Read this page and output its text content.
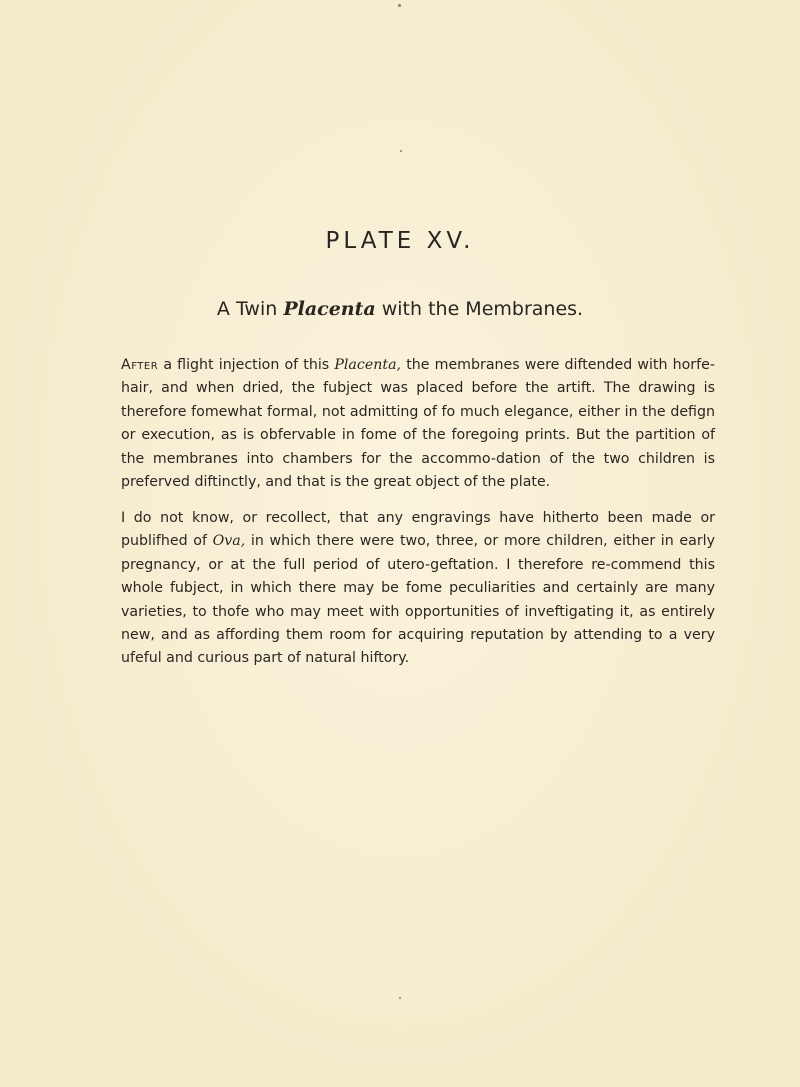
PLATE XV.
A Twin Placenta with the Membranes.

After a flight injection of this Placenta, the membranes were diftended with horfe-hair, and when dried, the fubject was placed before the artift. The drawing is therefore fomewhat formal, not admitting of fo much elegance, either in the defign or execution, as is obfervable in fome of the foregoing prints. But the partition of the membranes into chambers for the accommo-dation of the two children is preferved diftinctly, and that is the great object of the plate.

I do not know, or recollect, that any engravings have hitherto been made or publifhed of Ova, in which there were two, three, or more children, either in early pregnancy, or at the full period of utero-geftation. I therefore re-commend this whole fubject, in which there may be fome peculiarities and certainly are many varieties, to thofe who may meet with opportunities of inveftigating it, as entirely new, and as affording them room for acquiring reputation by attending to a very ufeful and curious part of natural hiftory.
